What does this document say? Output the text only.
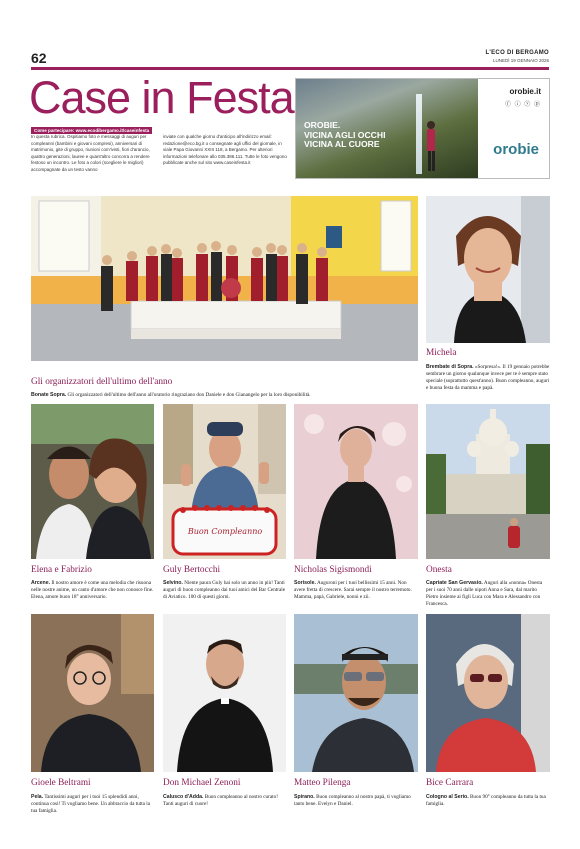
62	L'ECO DI BERGAMO
LUNEDÌ 19 GENNAIO 2026
Case in Festa
Come partecipare: www.ecodibergamo.it/caseinfesta
In questa rubrica. Ospitiamo foto e messaggi di auguri per compleanni (bambini e giovani compresi), anniversari di matrimonio, gite di gruppo, riunioni com'ivisti, fiori d'arancio, quattro generazioni, lauree e quant'altro concorra a rendere festoso un incontro. Le foto a colori (scegliere le migliori) accompagnate da un testo vanno
inviate con qualche giorno d'anticipo all'indirizzo email: redazione@eco.bg.it o consegnate agli uffici del giornale, in viale Papa Giovanni XXIII 118, a Bergamo. Per ulteriori informazioni telefonare allo 035.386.111. Tutte le foto vengono pubblicate anche sul sito www.caseinfesta.it
OROBIE.
VICINA AGLI OCCHI
VICINA AL CUORE
orobie.it
ⓕ ⓘ ⓨ ⓟ
orobie
Gli organizzatori dell'ultimo dell'anno
Bonate Sopra. Gli organizzatori dell'ultimo dell'anno all'oratorio ringraziano don Daniele e don Gianangelo per la loro disponibilità.
Michela
Brembate di Sopra. «Sorpresa!». Il 19 gennaio potrebbe sembrare un giorno qualunque invece per te è sempre stato speciale (soprattutto quest'anno). Buon compleanno, auguri e buona festa da mamma e papà.
Elena e Fabrizio
Arcene. Il nostro amore è come una melodia che risuona nelle nostre anime, un canto d'amore che non conosce fine. Elena, amore buon 18° anniversario.
Buon Compleanno
Guly Bertocchi
Selvino. Niente paura Guly hai solo un anno in più! Tanti auguri di buon compleanno dai tuoi amici del Bar Centrale di Aviatico. 100 di questi giorni.
Nicholas Sigismondi
Sorisole. Auguroni per i tuoi bellissimi 15 anni. Non avere fretta di crescere. Sarai sempre il nostro terremoto. Mamma, papà, Gabriele, nonni e zii.
Onesta
Capriate San Gervasio. Auguri alla «nonna» Onesta per i suoi 70 anni dalle nipoti Anna e Sara, dal marito Pietro insieme ai figli Luca con Mara e Alessandro con Francesca.
Gioele Beltrami
Pela. Tantissimi auguri per i tuoi 15 splendidi anni, continua così! Ti vogliamo bene. Un abbraccio da tutta la tua famiglia.
Don Michael Zenoni
Calusco d'Adda. Buon compleanno al nostro curato! Tanti auguri di cuore!
Matteo Pilenga
Spirano. Buon compleanno al nostro papà, ti vogliamo tanto bene. Evelyn e Daniel.
Bice Carrara
Cologno al Serio. Buon 90° compleanno da tutta la tua famiglia.
